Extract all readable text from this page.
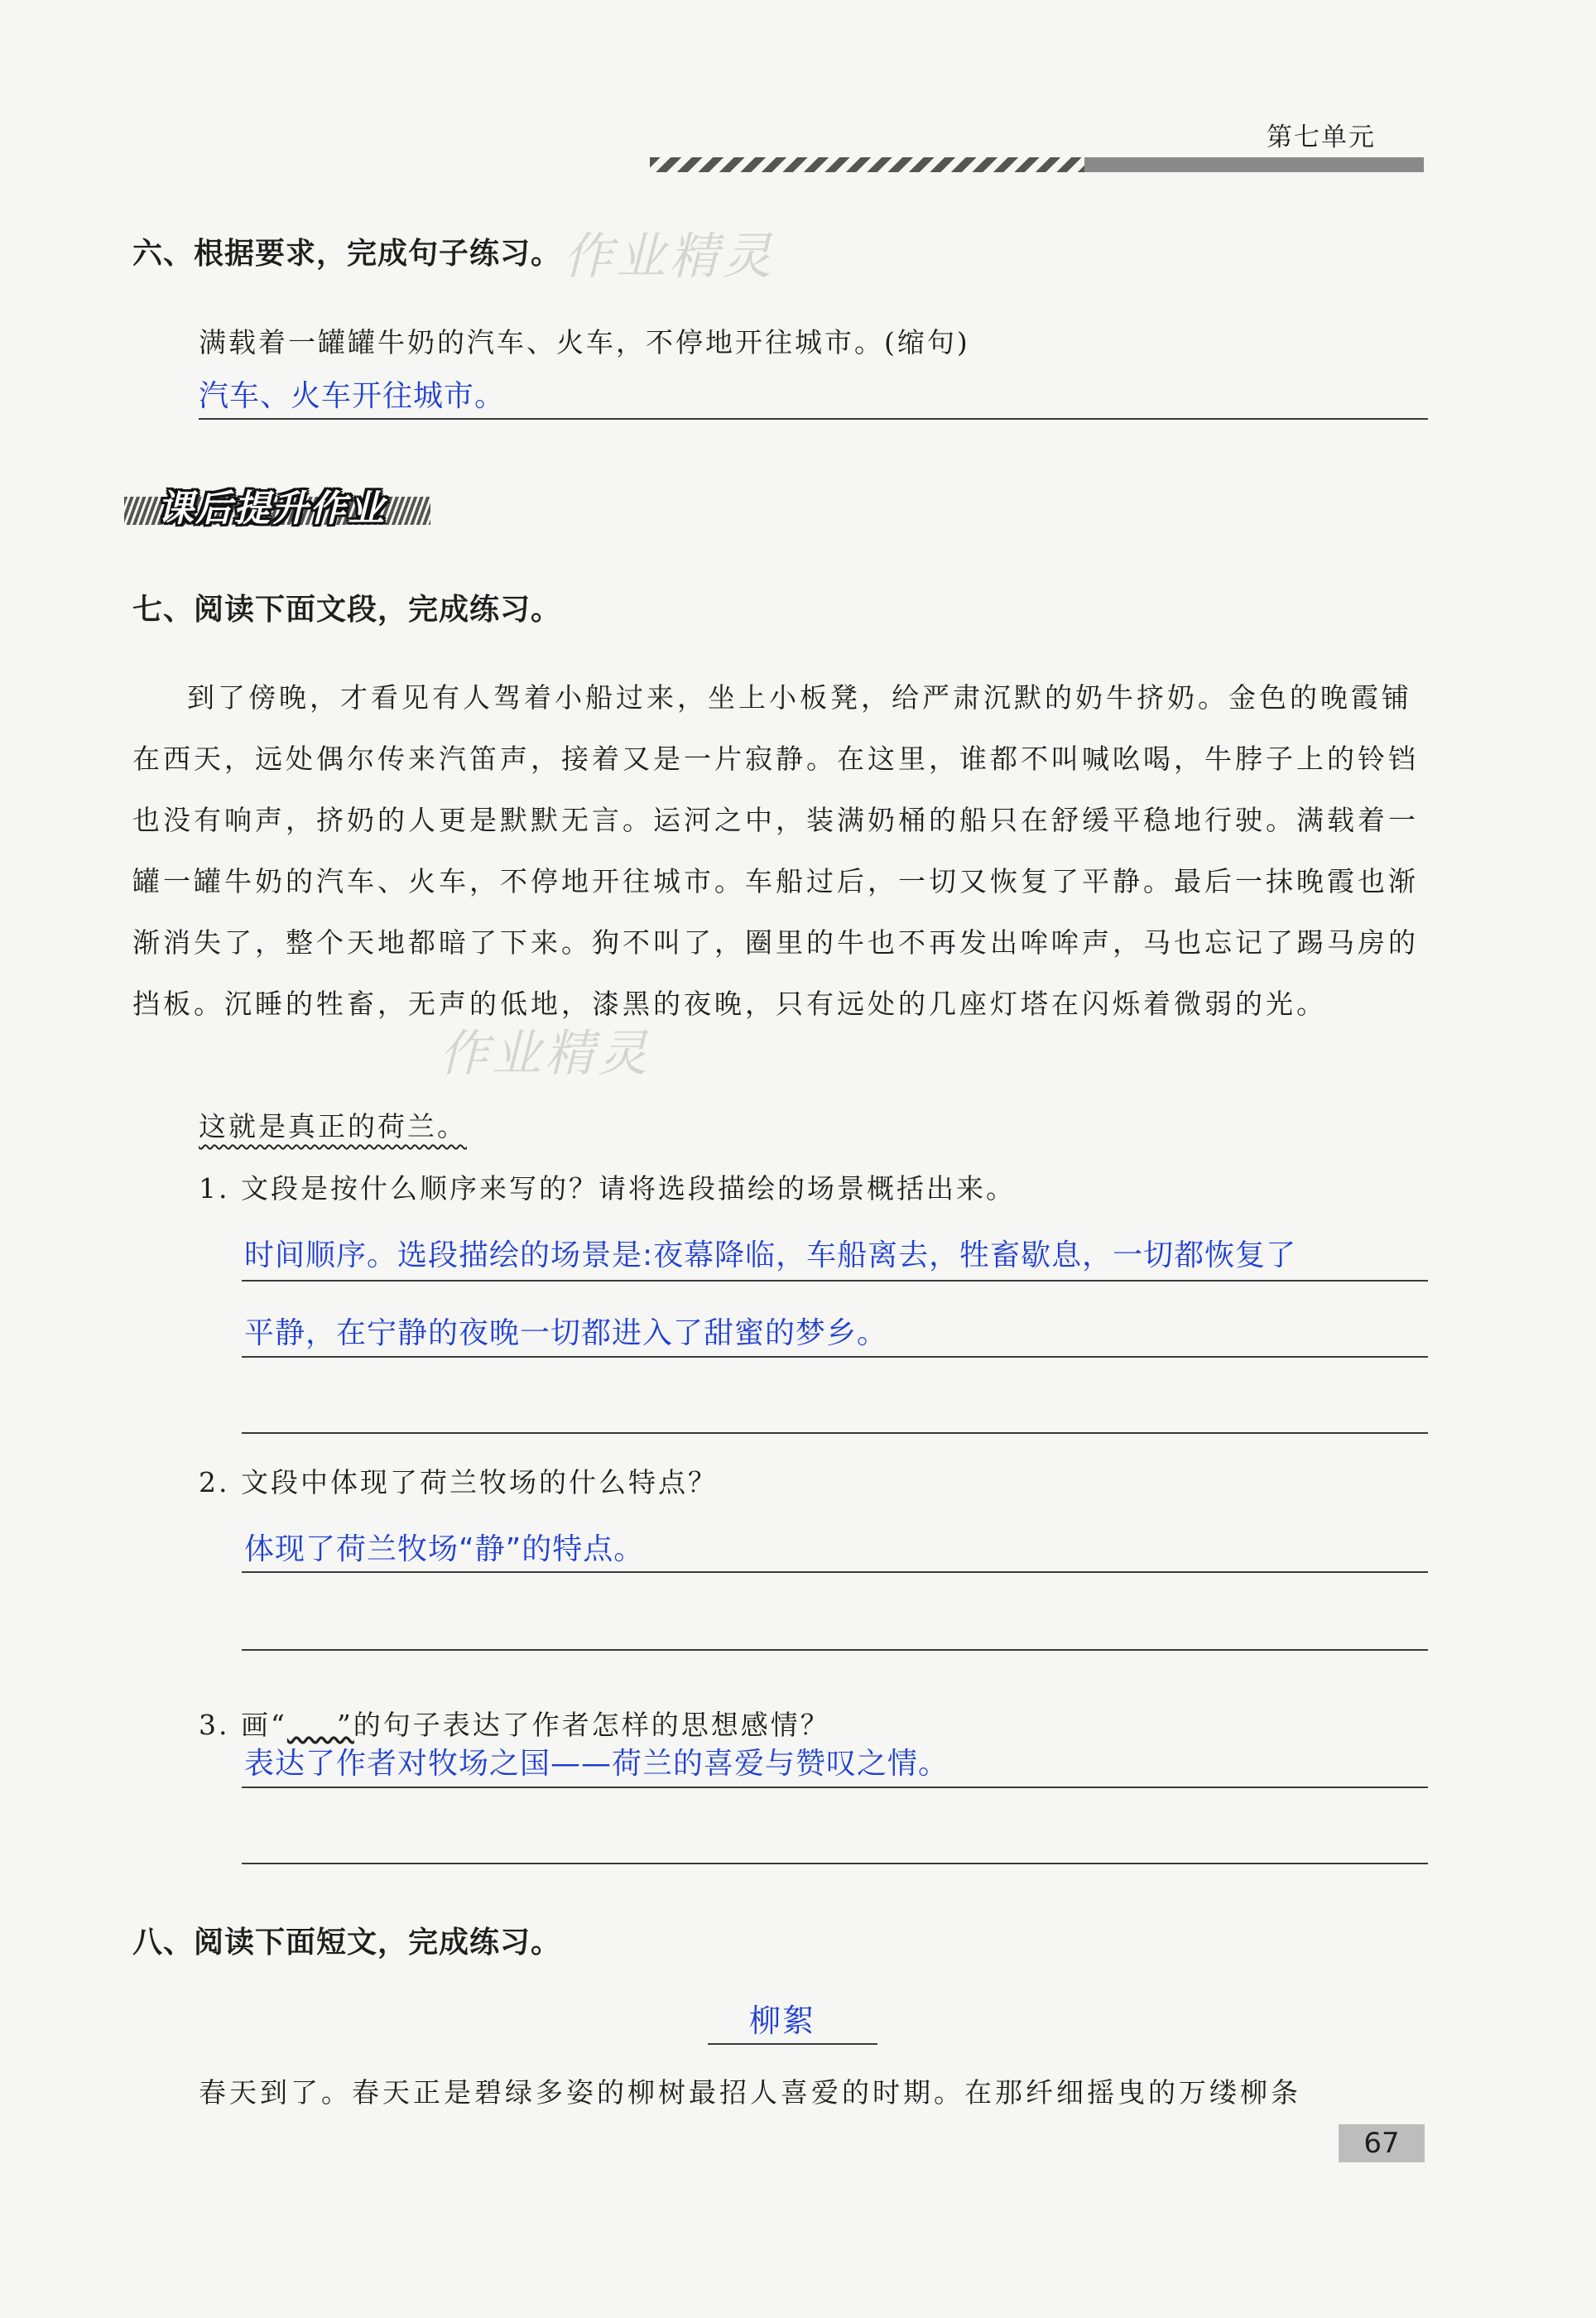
第七单元
作业精灵
作业精灵
六、根据要求，完成句子练习。
满载着一罐罐牛奶的汽车、火车，不停地开往城市。(缩句)
汽车、火车开往城市。
课后提升作业
七、阅读下面文段，完成练习。
到了傍晚，才看见有人驾着小船过来，坐上小板凳，给严肃沉默的奶牛挤奶。金色的晚霞铺在西天，远处偶尔传来汽笛声，接着又是一片寂静。在这里，谁都不叫喊吆喝，牛脖子上的铃铛也没有响声，挤奶的人更是默默无言。运河之中，装满奶桶的船只在舒缓平稳地行驶。满载着一罐一罐牛奶的汽车、火车，不停地开往城市。车船过后，一切又恢复了平静。最后一抹晚霞也渐渐消失了，整个天地都暗了下来。狗不叫了，圈里的牛也不再发出哞哞声，马也忘记了踢马房的挡板。沉睡的牲畜，无声的低地，漆黑的夜晚，只有远处的几座灯塔在闪烁着微弱的光。
这就是真正的荷兰。
1. 文段是按什么顺序来写的？请将选段描绘的场景概括出来。
时间顺序。选段描绘的场景是:夜幕降临，车船离去，牲畜歇息，一切都恢复了
平静，在宁静的夜晚一切都进入了甜蜜的梦乡。
2. 文段中体现了荷兰牧场的什么特点？
体现了荷兰牧场“静”的特点。
3. 画“ ”的句子表达了作者怎样的思想感情？
表达了作者对牧场之国——荷兰的喜爱与赞叹之情。
八、阅读下面短文，完成练习。
柳絮
春天到了。春天正是碧绿多姿的柳树最招人喜爱的时期。在那纤细摇曳的万缕柳条
67
